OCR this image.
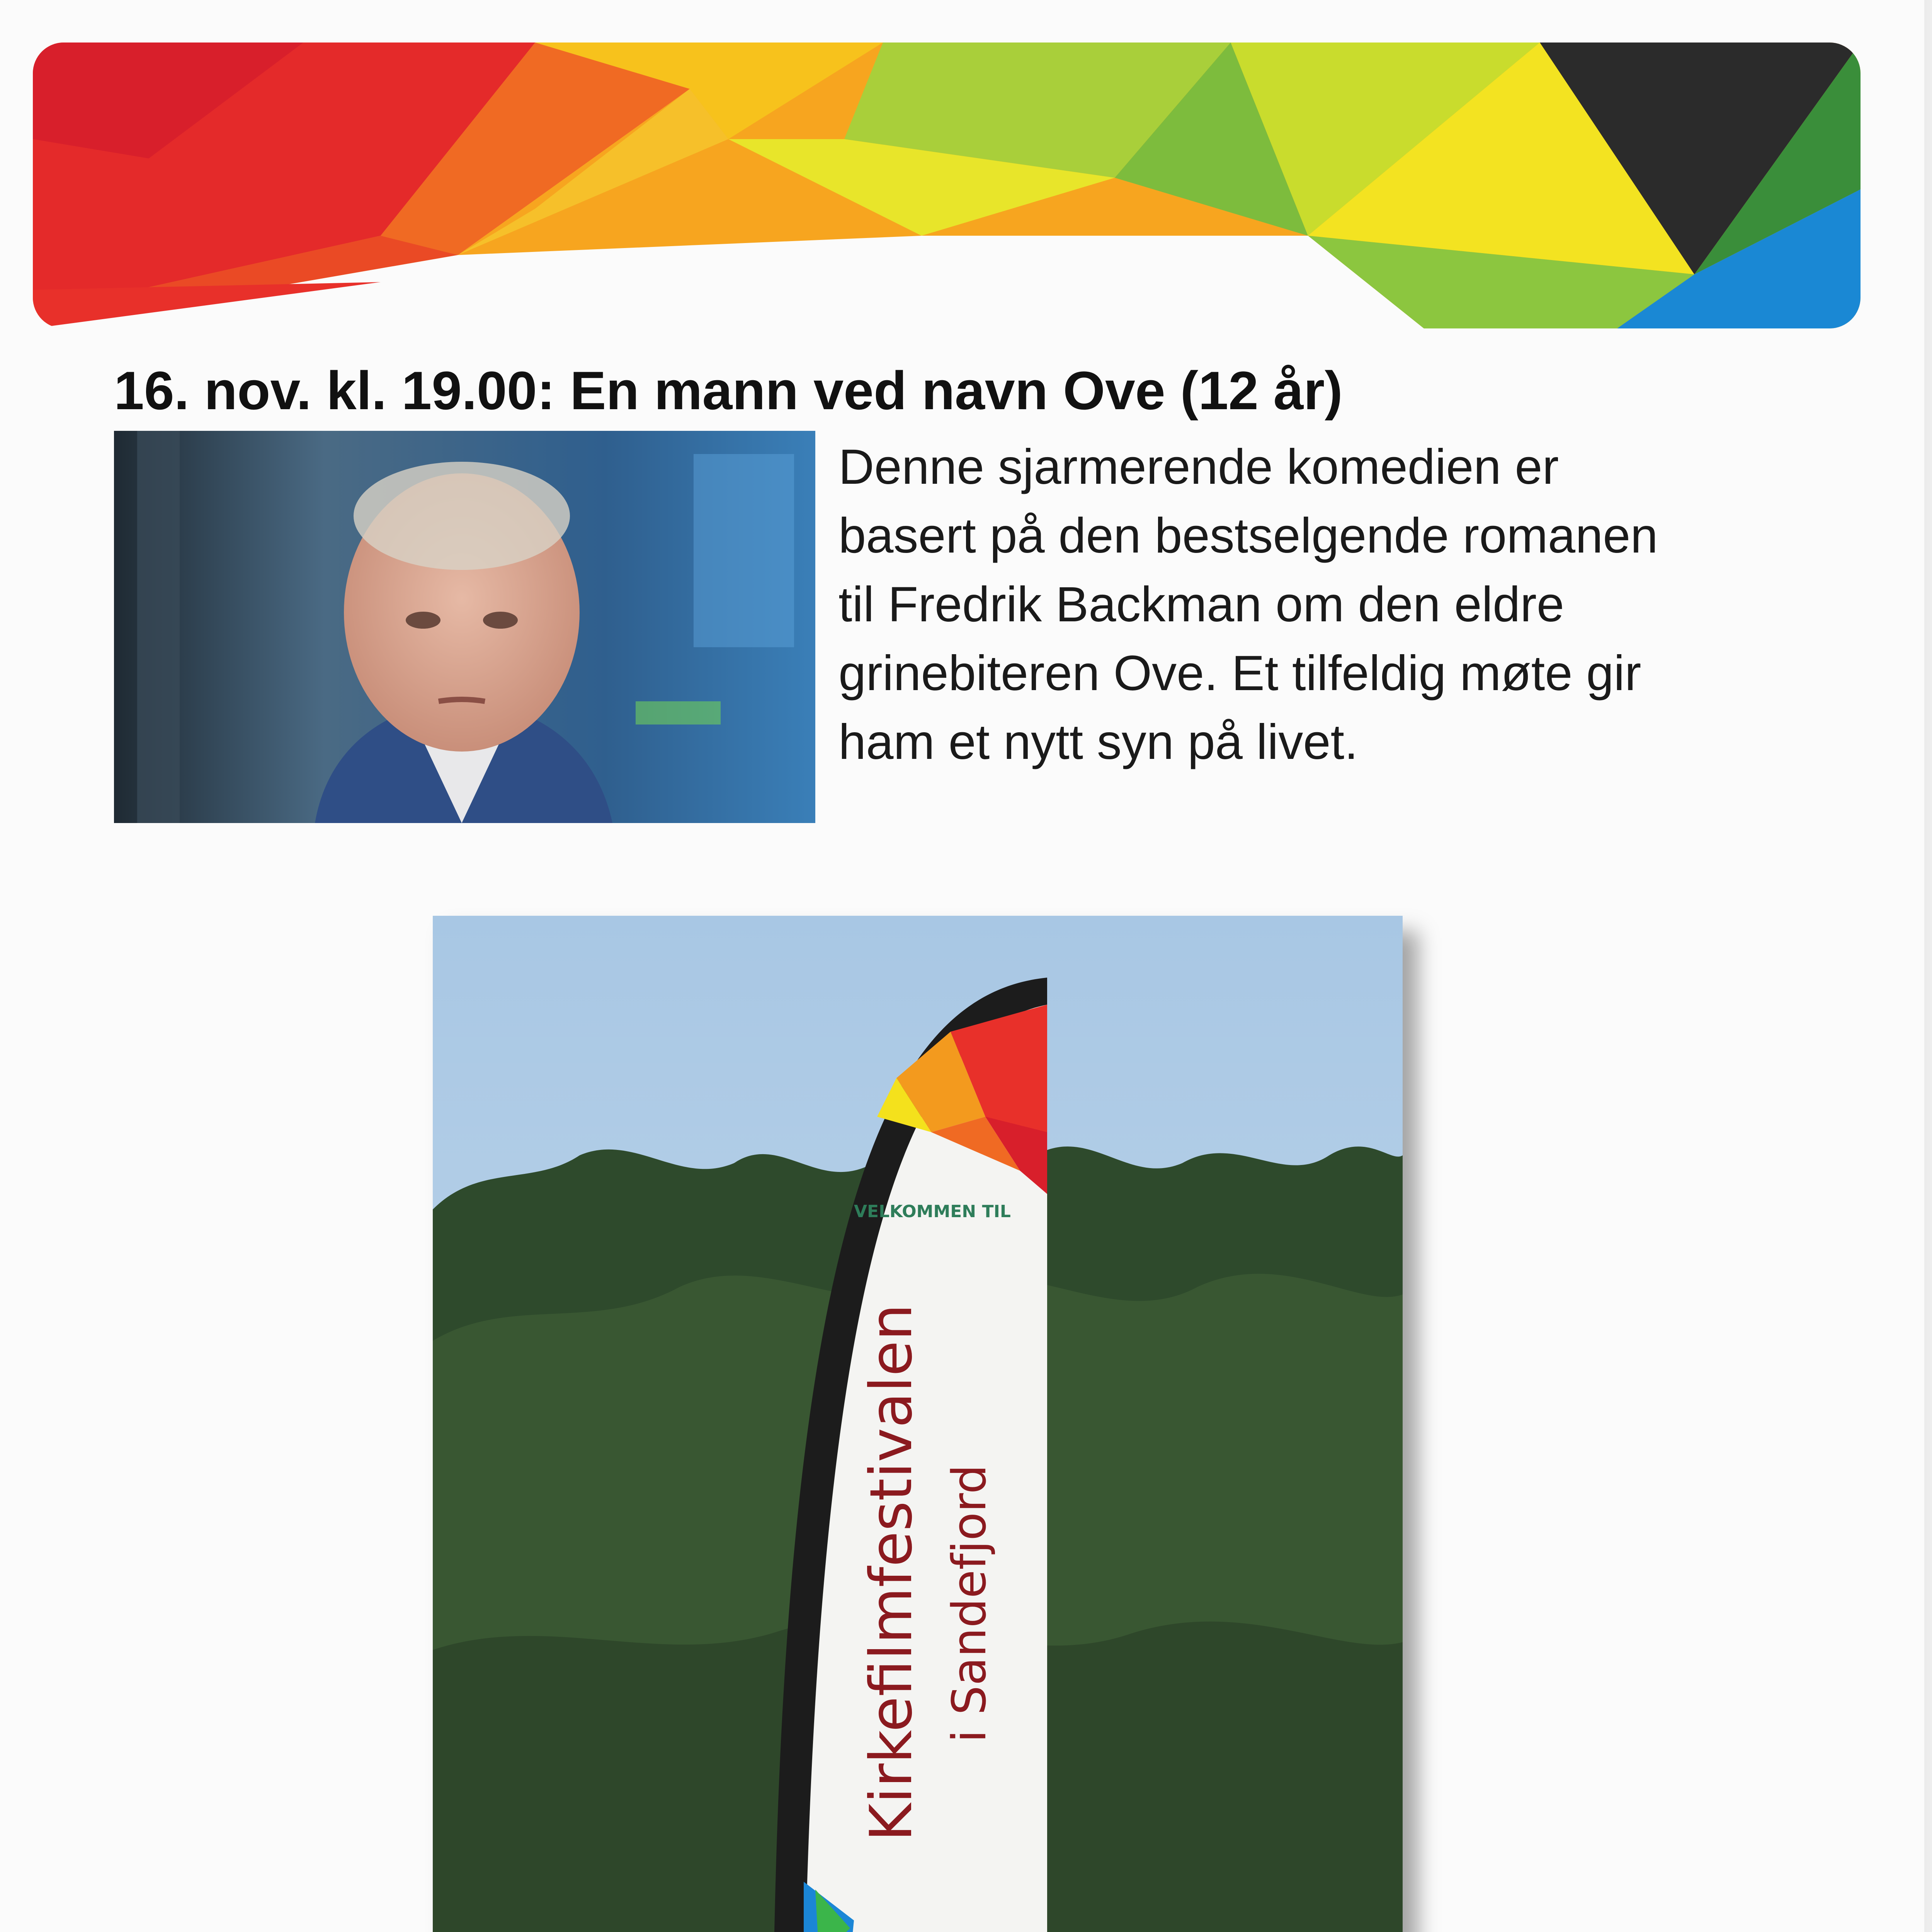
16. nov. kl. 19.00: En mann ved navn Ove (12 år)

Denne sjarmerende komedien er

basert på den bestselgende romanen

til Fredrik Backman om den eldre

grinebiteren Ove. Et tilfeldig møte gir

ham et nytt syn på livet.

VELKOMMEN TIL
Kirkefilmfestivalen i Sandefjord
